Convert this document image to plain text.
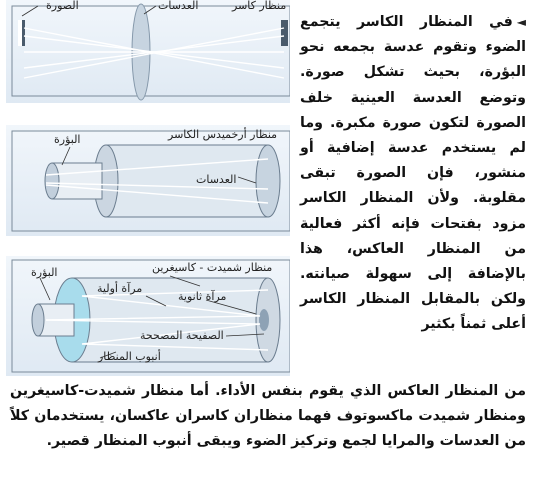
الصورة	العدسات	منظار كاسر
البؤرة	منظار أرخميدس الكاسر
العدسات
منظار شميدت - كاسيغرين
البؤرة
مرآة أولية
مرآة ثانوية
الصفيحة المصححة
أنبوب المنظار
◄في المنظار الكاسر يتجمع الضوء وتقوم عدسة بجمعه نحو البؤرة، بحيث تشكل صورة. وتوضع العدسة العينية خلف الصورة لتكون صورة مكبرة. وما لم يستخدم عدسة إضافية أو منشور، فإن الصورة تبقى مقلوبة. ولأن المنظار الكاسر مزود بفتحات فإنه أكثر فعالية من المنظار العاكس، هذا بالإضافة إلى سهولة صيانته. ولكن بالمقابل المنظار الكاسر أعلى ثمناً بكثير
من المنظار العاكس الذي يقوم بنفس الأداء. أما منظار شميدت-كاسيغرين ومنظار شميدت ماكسوتوف فهما منظاران كاسران عاكسان، يستخدمان كلاً من العدسات والمرايا لجمع وتركيز الضوء ويبقى أنبوب المنظار قصير.
